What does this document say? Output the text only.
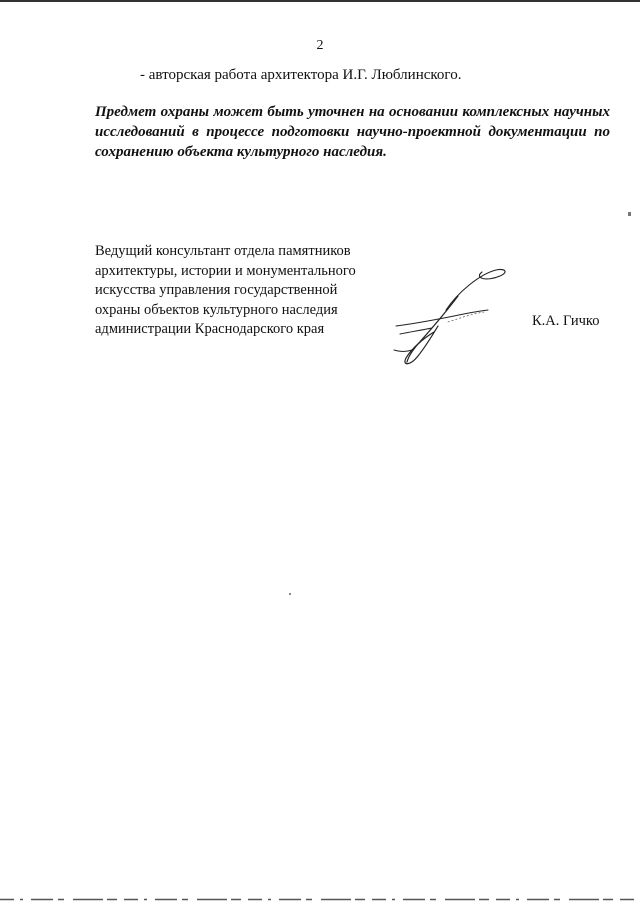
2
- авторская работа архитектора И.Г. Люблинского.
Предмет охраны может быть уточнен на основании комплексных научных
исследований в процессе подготовки научно-проектной документации по
сохранению объекта культурного наследия.
Ведущий консультант отдела памятников
архитектуры, истории и монументального
искусства управления государственной
охраны объектов культурного наследия
администрации Краснодарского края	К.А. Гичко
